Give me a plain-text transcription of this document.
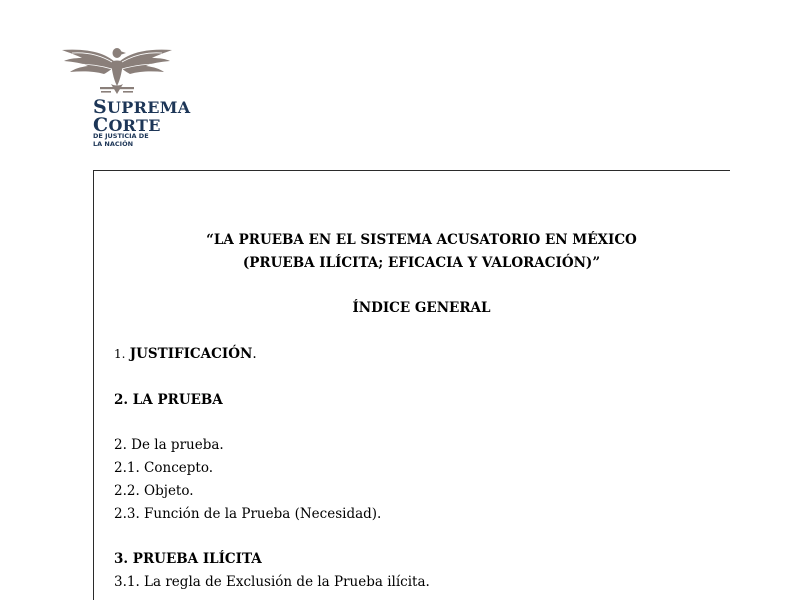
SUPREMA
CORTE
DE JUSTICIA DE
LA NACIÓN
“LA PRUEBA EN EL SISTEMA ACUSATORIO EN MÉXICO
(PRUEBA ILÍCITA; EFICACIA Y VALORACIÓN)”
ÍNDICE GENERAL
1. JUSTIFICACIÓN.
2. LA PRUEBA
2. De la prueba.
2.1. Concepto.
2.2. Objeto.
2.3. Función de la Prueba (Necesidad).
3. PRUEBA ILÍCITA
3.1. La regla de Exclusión de la Prueba ilícita.
